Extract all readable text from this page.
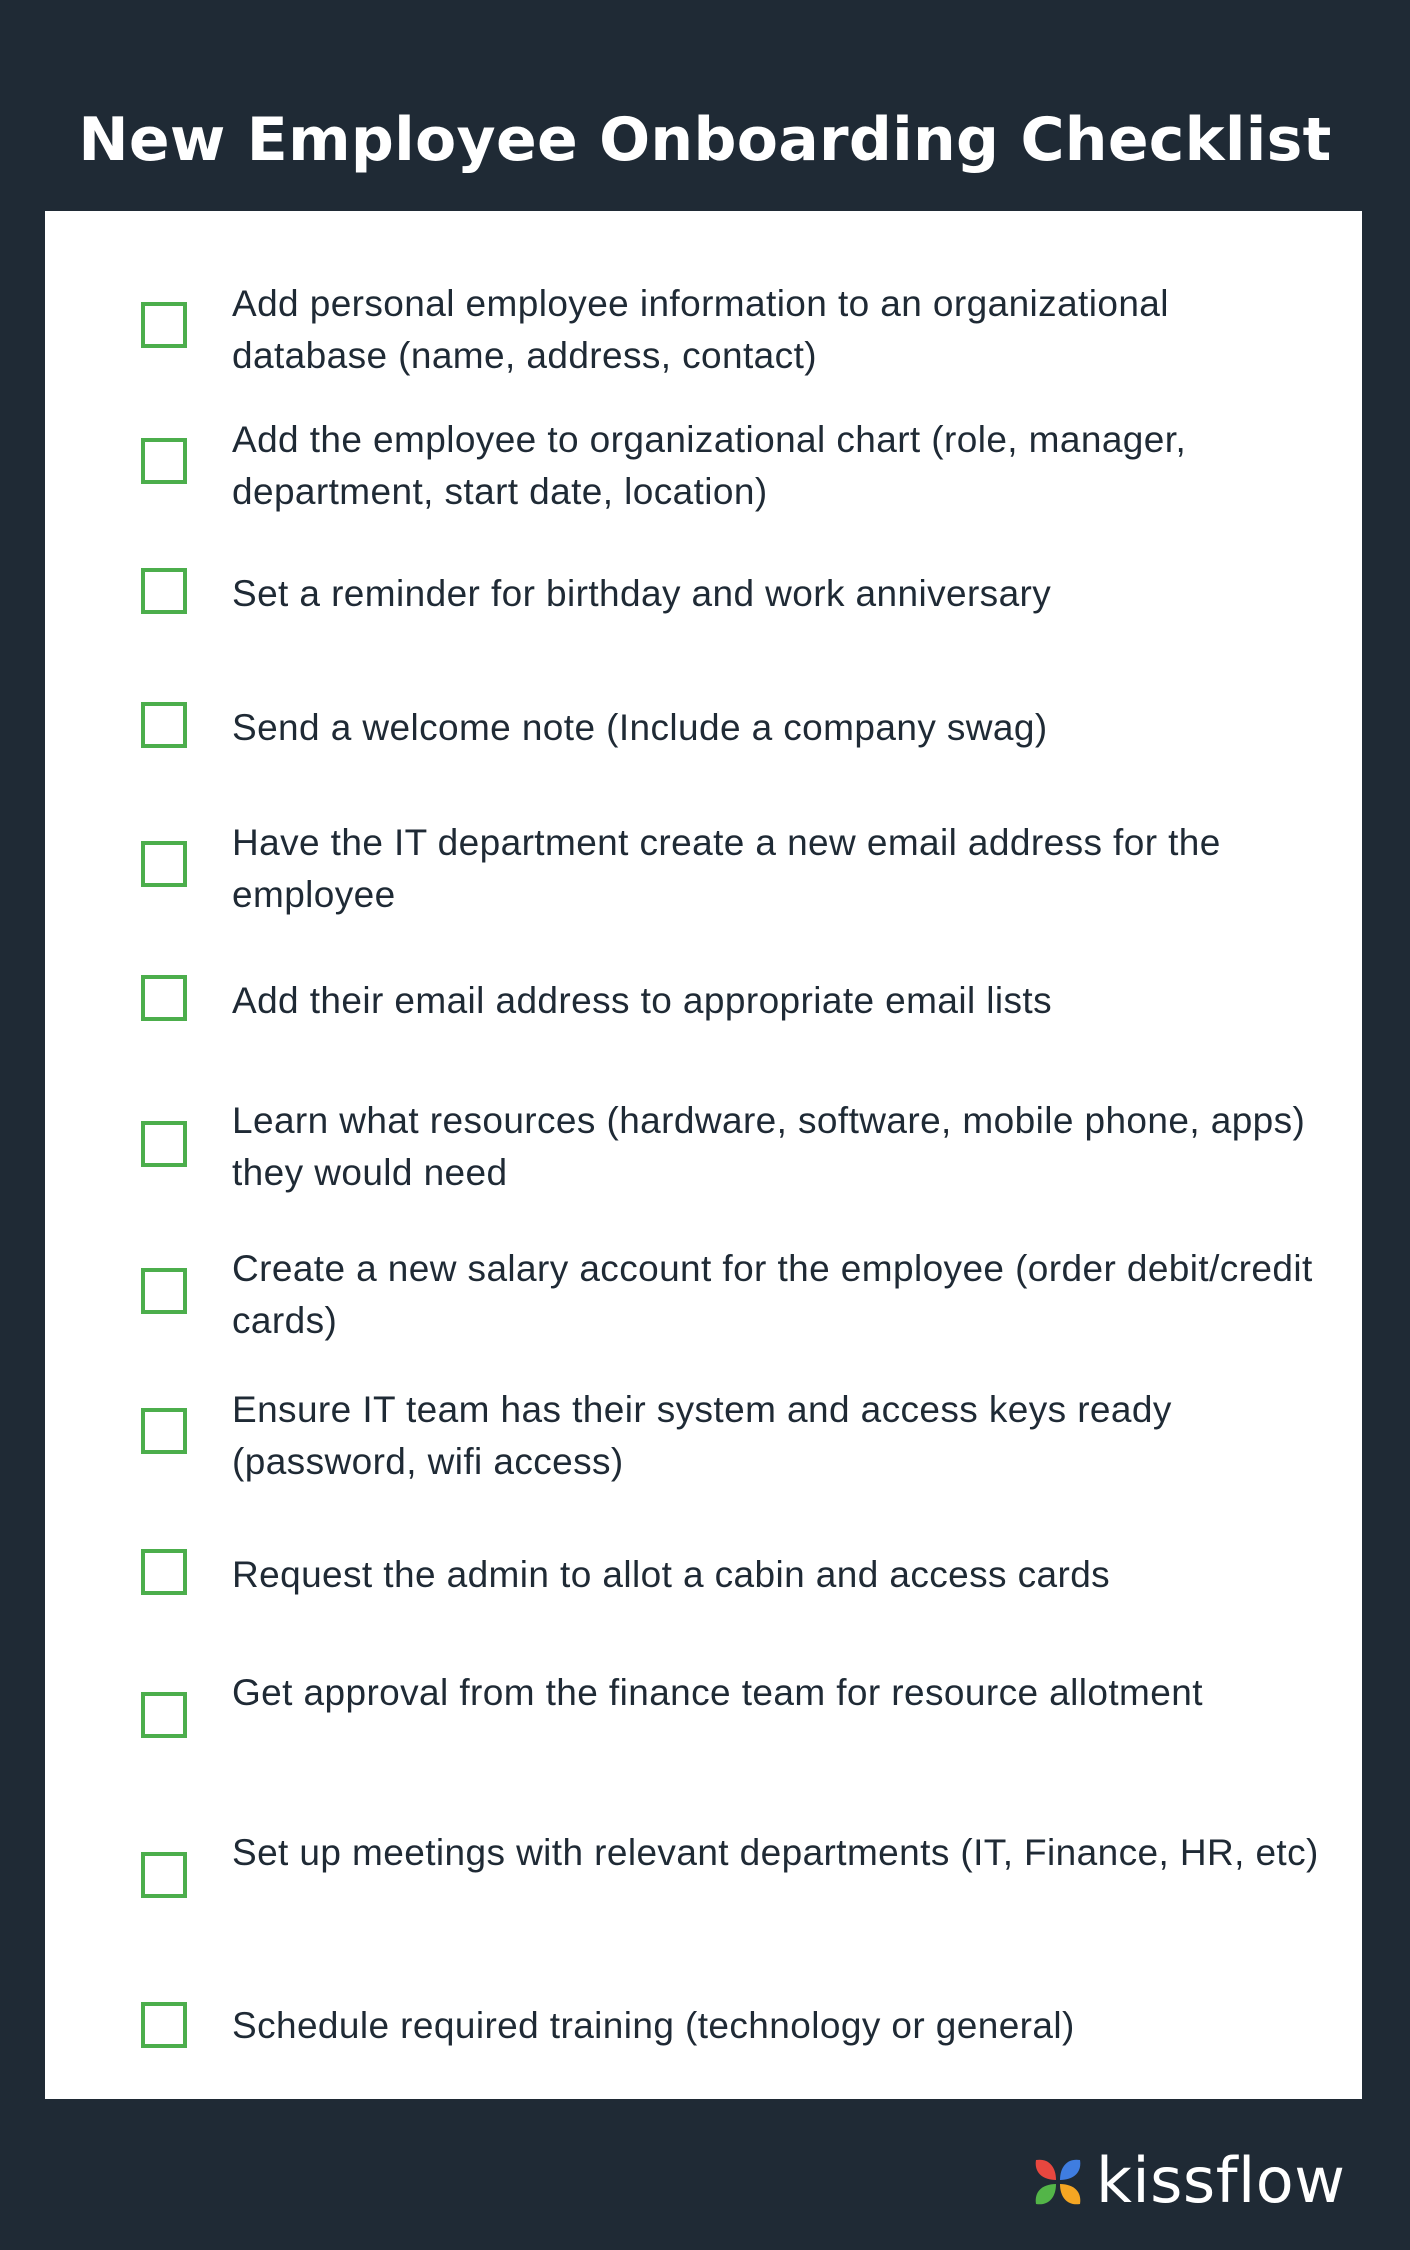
New Employee Onboarding Checklist
Add personal employee information to an organizational database (name, address, contact)
Add the employee to organizational chart (role, manager, department, start date, location)
Set a reminder for birthday and work anniversary
Send a welcome note (Include a company swag)
Have the IT department create a new email address for the employee
Add their email address to appropriate email lists
Learn what resources (hardware, software, mobile phone, apps) they would need
Create a new salary account for the employee (order debit/credit cards)
Ensure IT team has their system and access keys ready (password, wifi access)
Request the admin to allot a cabin and access cards
Get approval from the finance team for resource allotment
Set up meetings with relevant departments (IT, Finance, HR, etc)
Schedule required training (technology or general)
kissflow
